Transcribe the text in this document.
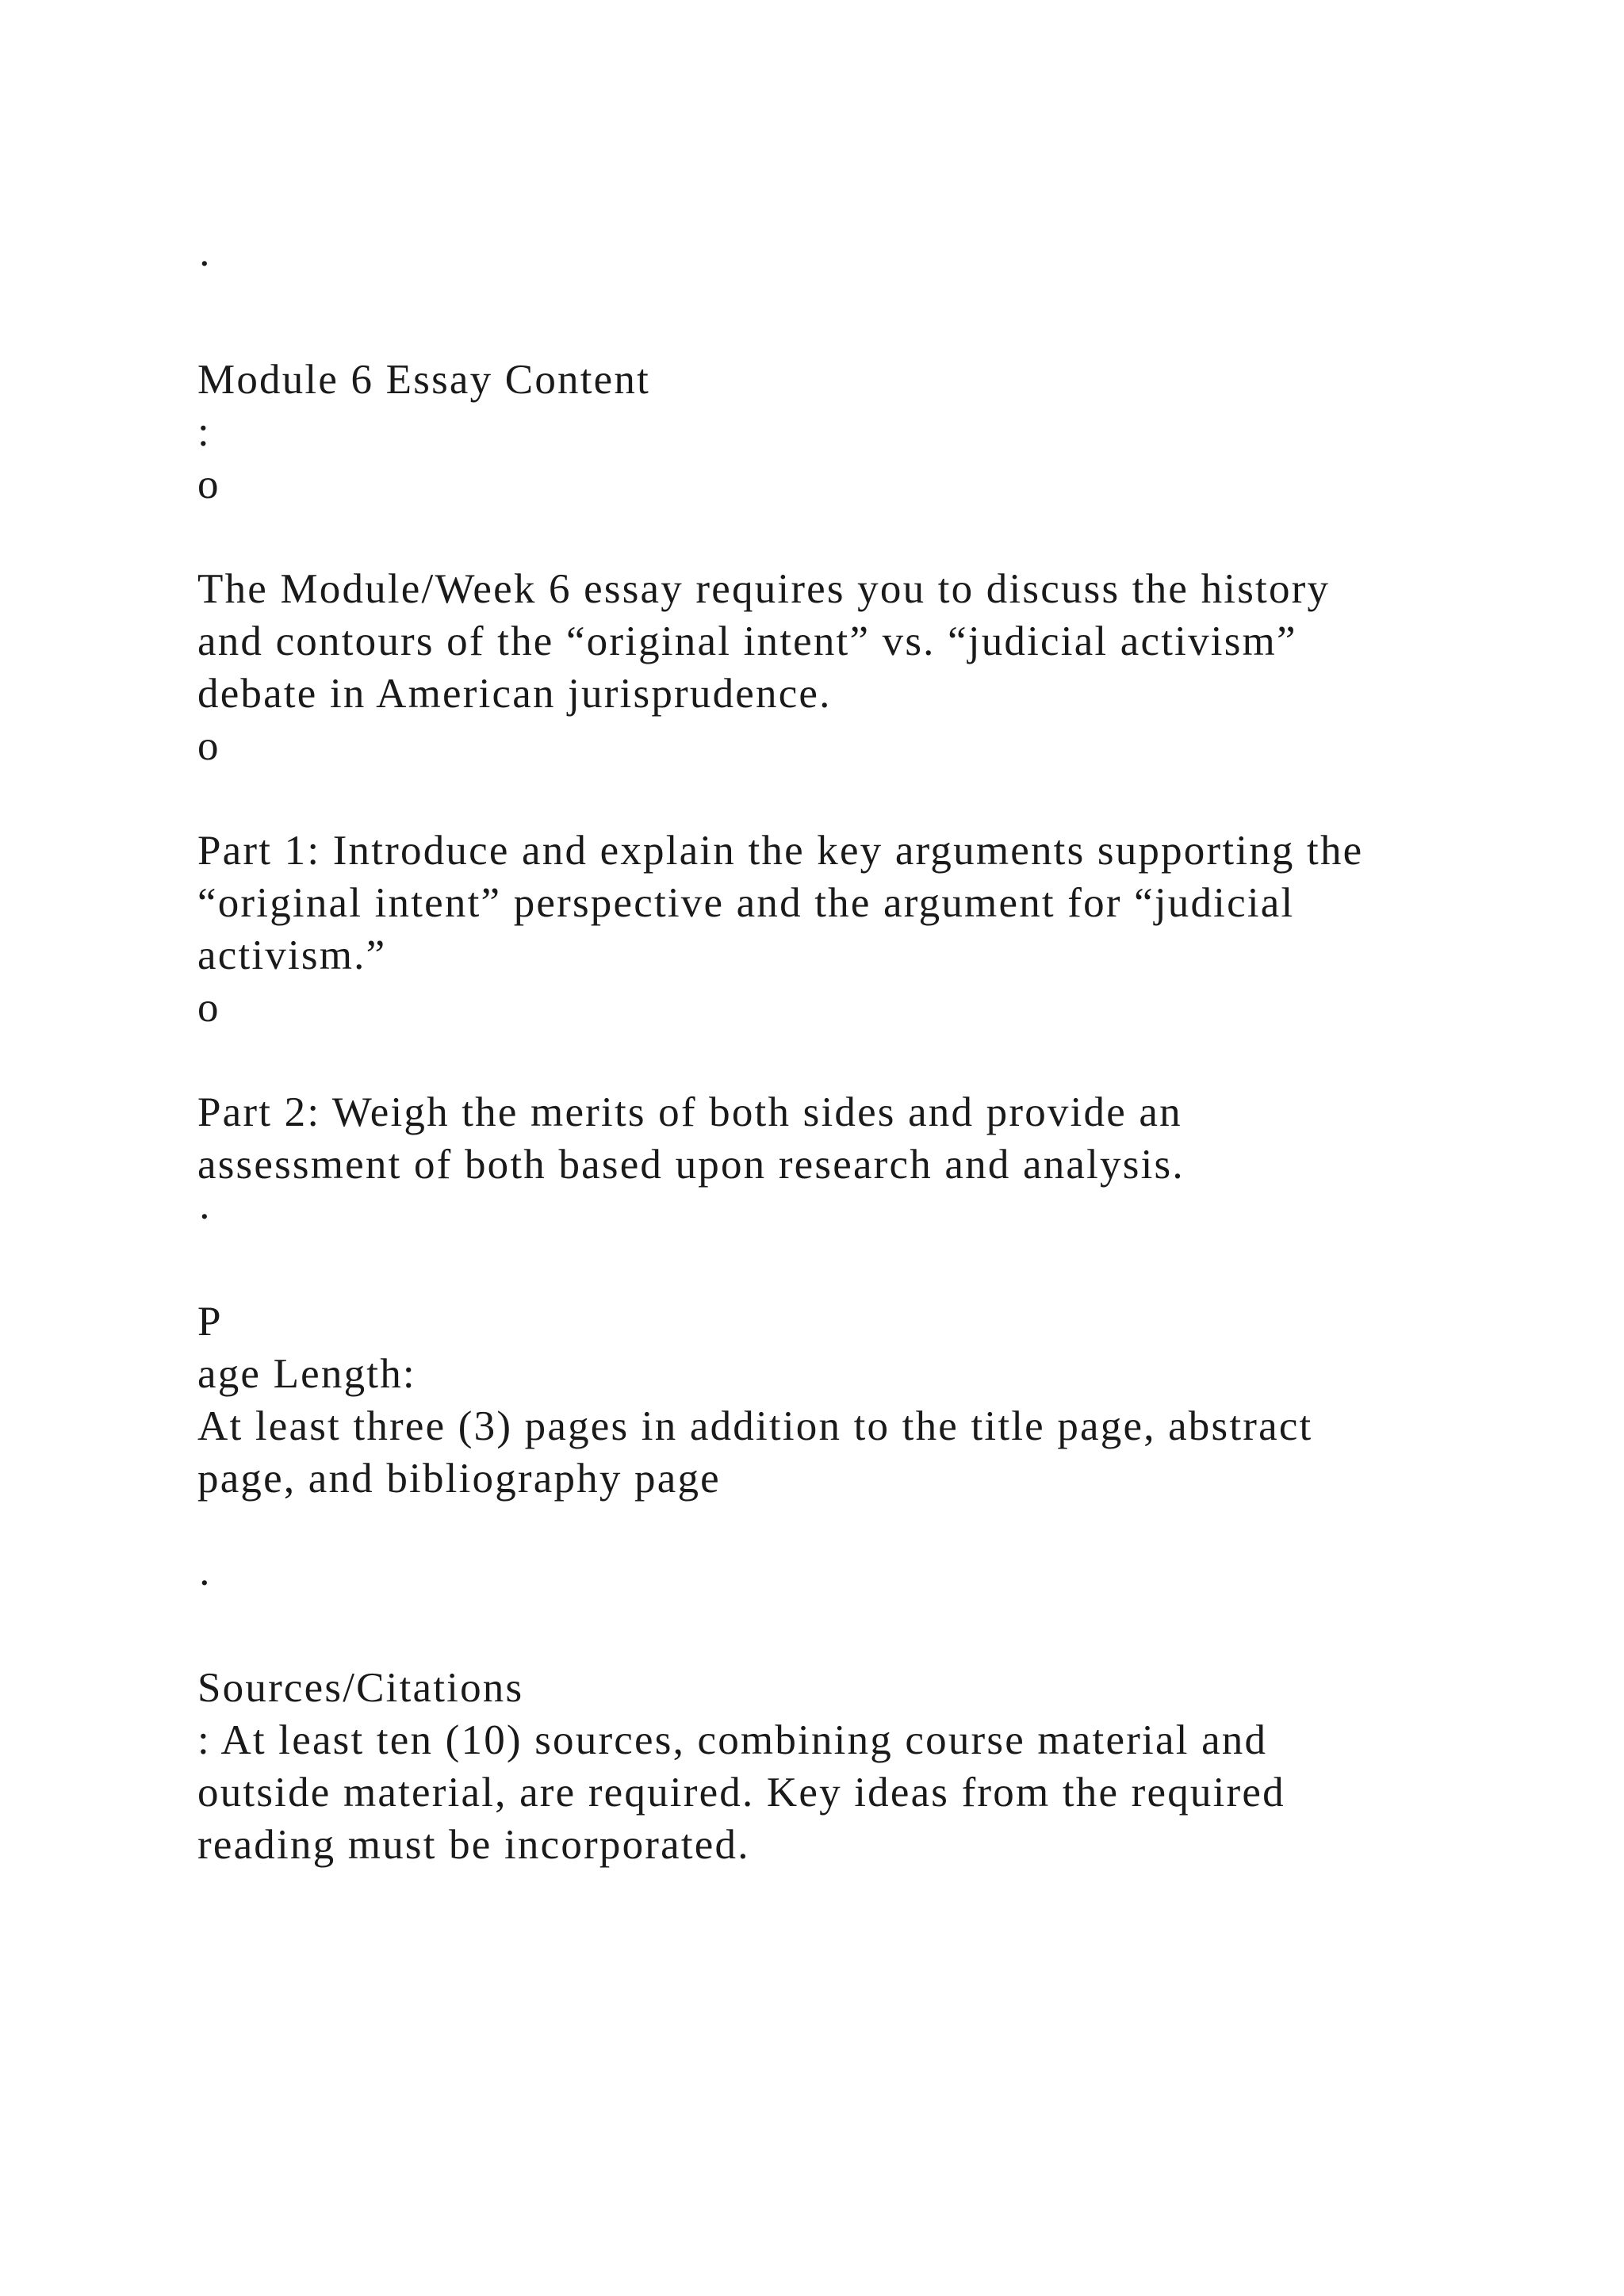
·

Module 6 Essay Content

:

o

The Module/Week 6 essay requires you to discuss the history

and contours of the “original intent” vs. “judicial activism”

debate in American jurisprudence.

o

Part 1: Introduce and explain the key arguments supporting the

“original intent” perspective and the argument for “judicial

activism.”

o

Part 2: Weigh the merits of both sides and provide an

assessment of both based upon research and analysis.

·

P

age Length:

At least three (3) pages in addition to the title page, abstract

page, and bibliography page

·

Sources/Citations

: At least ten (10) sources, combining course material and

outside material, are required. Key ideas from the required

reading must be incorporated.
